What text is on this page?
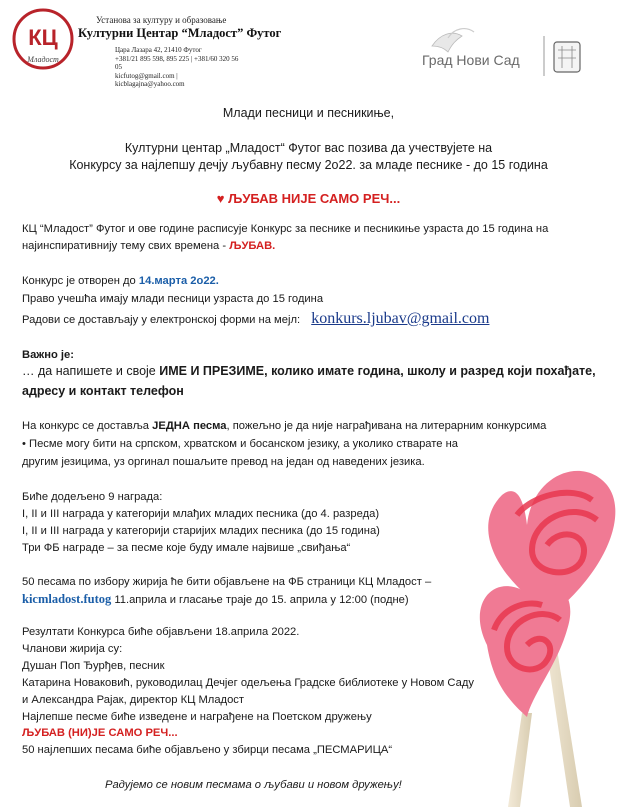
КЦ
Младост
Установа за културу и образовање
Културни Центар “Младост” Футог
Цара Лазара 42, 21410 Футог
+381/21 895 598, 895 225 | +381/60 320 56 05
kicfutog@gmail.com | kicblagajna@yahoo.com
Град Нови Сад
Млади песници и песникиње,
Културни центар „Младост“ Футог вас позива да учествујете на
Конкурсу за најлепшу дечју љубавну песму 2о22. за младе песнике - до 15 година
♥ ЉУБАВ НИЈЕ САМО РЕЧ...
КЦ “Младост” Футог и ове године расписује Конкурс за песнике и песникиње узраста до 15 година на
најинспиративнију тему свих времена - ЉУБАВ.
Конкурс је отворен до 14.марта 2о22.
Право учешћа имају млади песници узраста до 15 година
Радови се достављају у електронској форми на мејл: konkurs.ljubav@gmail.com
Важно је:
… да напишете и своје ИМЕ И ПРЕЗИМЕ, колико имате година, школу и разред који похађате,
адресу и контакт телефон
На конкурс се доставља ЈЕДНА песма, пожељно је да није награђивана на литерарним конкурсима
• Песме могу бити на српском, хрватском и босанском језику, а уколико стварате на
другим језицима, уз оргинал пошаљите превод на један од наведених језика.
Биће додељено 9 награда:
I, II и III награда у категорији млађих младих песника (до 4. разреда)
I, II и III награда у категорији старијих младих песника (до 15 година)
Три ФБ награде – за песме које буду имале највише „свиђања“
50 песама по избору жирија ће бити објављене на ФБ страници КЦ Младост –
kicmladost.futog 11.априла и гласање траје до 15. априла у 12:00 (подне)
Резултати Конкурса биће објављени 18.априла 2022.
Чланови жирија су:
Душан Поп Ђурђев, песник
Катарина Новаковић, руководилац Дечјег одељења Градске библиотеке у Новом Саду
и Александра Рајак, директор КЦ Младост
Најлепше песме биће изведене и награђене на Поетском дружењу
ЉУБАВ (НИ)ЈЕ САМО РЕЧ...
50 најлепших песама биће објављено у збирци песама „ПЕСМАРИЦА“
Радујемо се новим песмама о љубави и новом дружењу!
